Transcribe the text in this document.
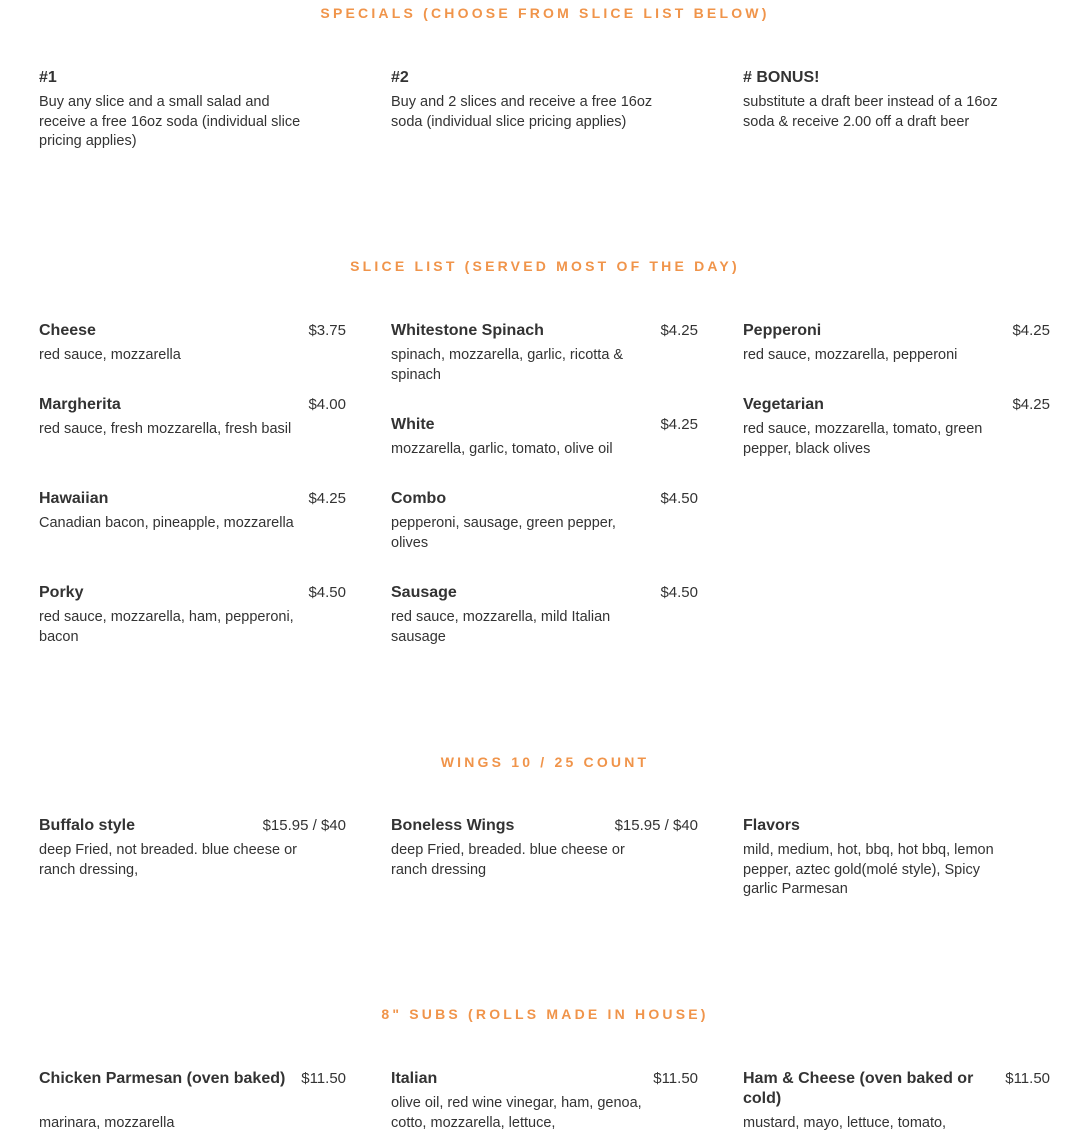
SPECIALS (CHOOSE FROM SLICE LIST BELOW)
#1
Buy any slice and a small salad and receive a free 16oz soda (individual slice pricing applies)
#2
Buy and 2 slices and receive a free 16oz soda (individual slice pricing applies)
# BONUS!
substitute a draft beer instead of a 16oz soda & receive 2.00 off a draft beer
SLICE LIST (SERVED MOST OF THE DAY)
Cheese	$3.75
red sauce, mozzarella
Whitestone Spinach	$4.25
spinach, mozzarella, garlic, ricotta & spinach
Pepperoni	$4.25
red sauce, mozzarella, pepperoni
Margherita	$4.00
red sauce, fresh mozzarella, fresh basil	White	$4.25
mozzarella, garlic, tomato, olive oil
Vegetarian	$4.25
red sauce, mozzarella, tomato, green pepper, black olives
Hawaiian	$4.25
Canadian bacon, pineapple, mozzarella
Combo	$4.50
pepperoni, sausage, green pepper, olives
Porky	$4.50
red sauce, mozzarella, ham, pepperoni, bacon
Sausage	$4.50
red sauce, mozzarella, mild Italian sausage
WINGS 10 / 25 COUNT
Buffalo style	$15.95 / $40
deep Fried, not breaded. blue cheese or ranch dressing,
Boneless Wings	$15.95 / $40
deep Fried, breaded. blue cheese or ranch dressing
Flavors
mild, medium, hot, bbq, hot bbq, lemon pepper, aztec gold(molé style), Spicy garlic Parmesan
8" SUBS (ROLLS MADE IN HOUSE)
Chicken Parmesan (oven baked)	$11.50
marinara, mozzarella
Italian	$11.50
olive oil, red wine vinegar, ham, genoa, cotto, mozzarella, lettuce,
Ham & Cheese (oven baked or cold)
$11.50
mustard, mayo, lettuce, tomato,
